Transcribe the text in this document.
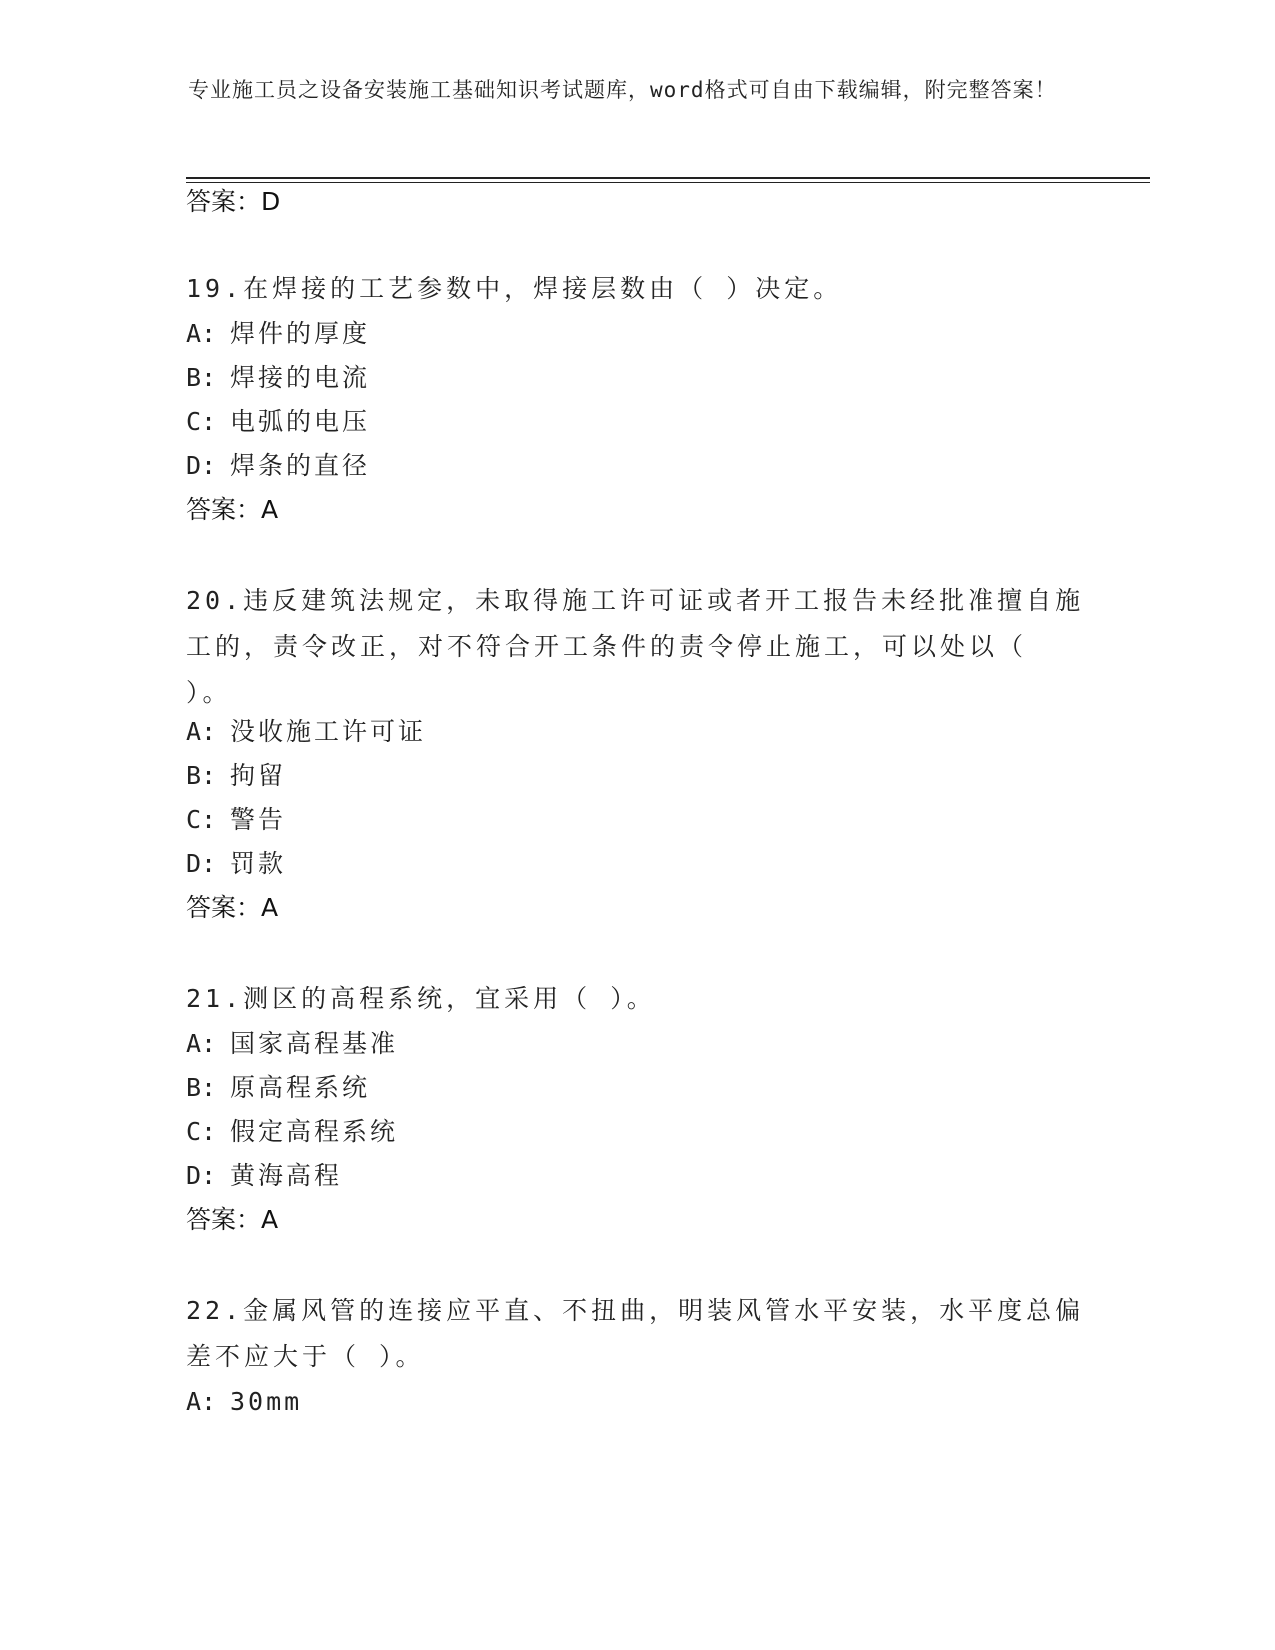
专业施工员之设备安装施工基础知识考试题库，word格式可自由下载编辑，附完整答案！
答案：D
19.在焊接的工艺参数中，焊接层数由（ ）决定。
A: 焊件的厚度
B: 焊接的电流
C: 电弧的电压
D: 焊条的直径
答案：A
20.违反建筑法规定，未取得施工许可证或者开工报告未经批准擅自施工的，责令改正，对不符合开工条件的责令停止施工，可以处以（ ）。
A: 没收施工许可证
B: 拘留
C: 警告
D: 罚款
答案：A
21.测区的高程系统，宜采用（ ）。
A: 国家高程基准
B: 原高程系统
C: 假定高程系统
D: 黄海高程
答案：A
22.金属风管的连接应平直、不扭曲，明装风管水平安装，水平度总偏差不应大于（ ）。
A: 30mm
